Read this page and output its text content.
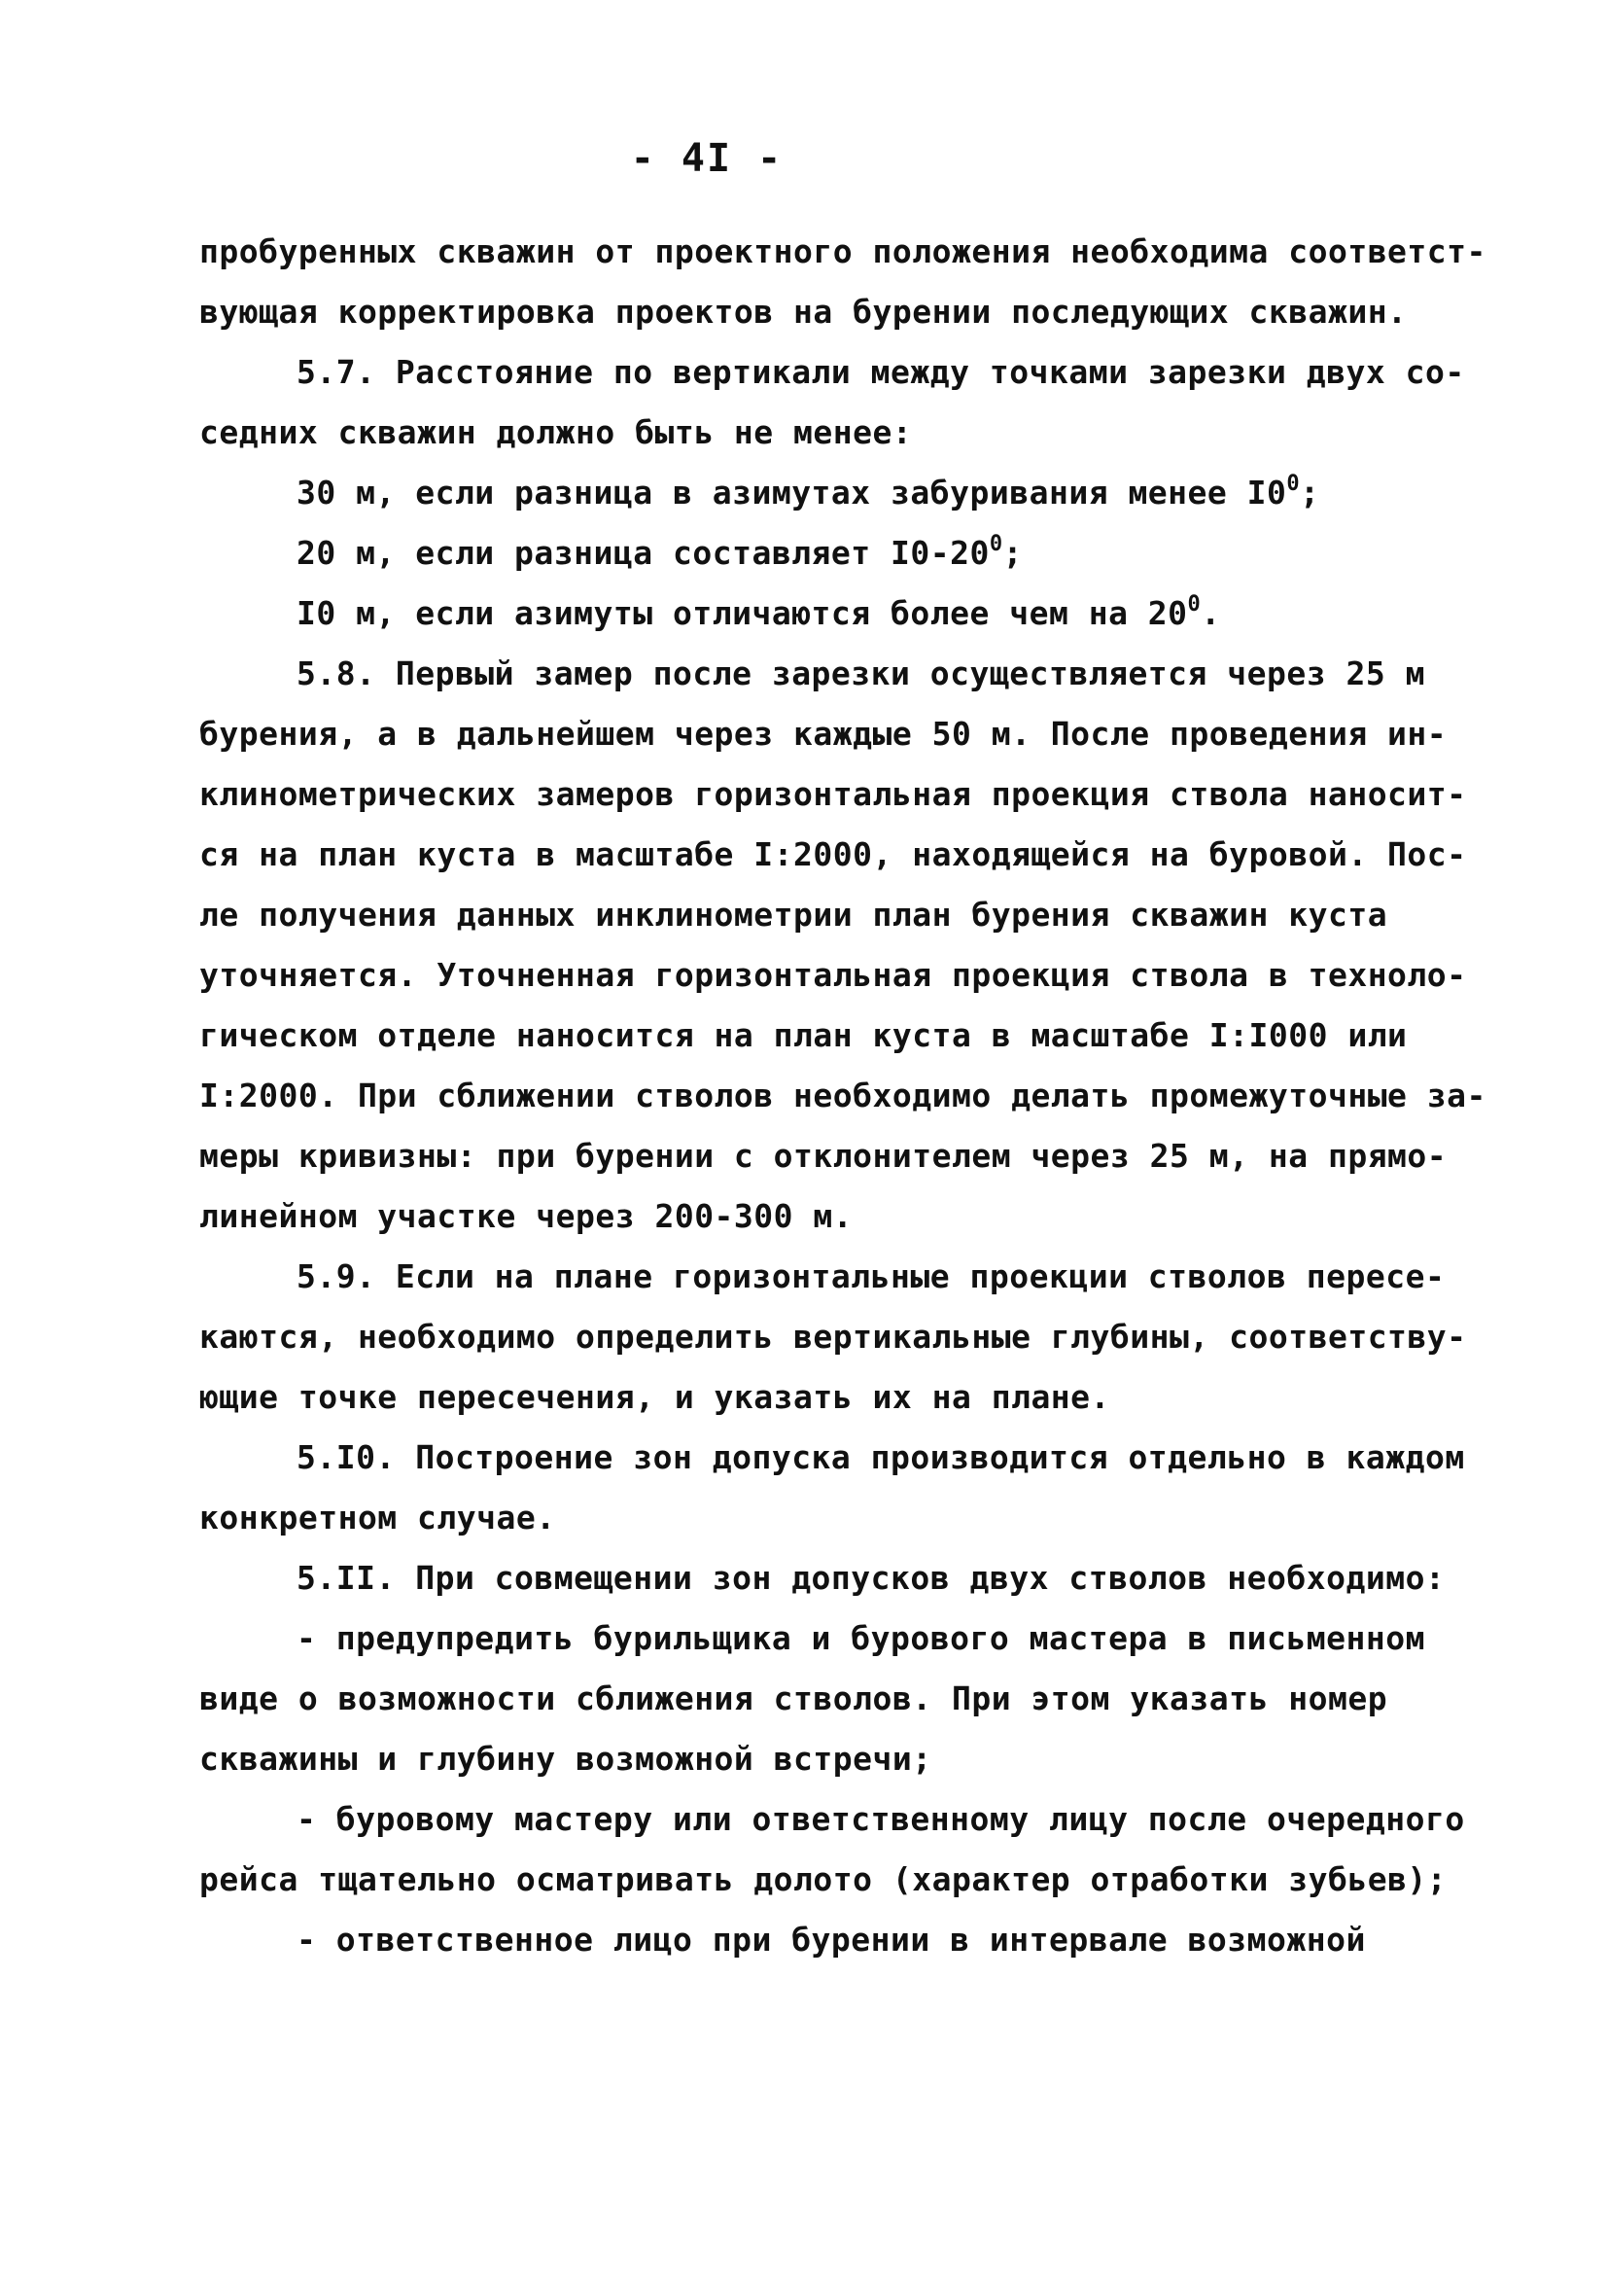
- 4I -
пробуренных скважин от проектного положения необходима соответст-
вующая корректировка проектов на бурении последующих скважин.
5.7. Расстояние по вертикали между точками зарезки двух со-
седних скважин должно быть не менее:
30 м, если разница в азимутах забуривания менее $I0^0$;
20 м, если разница составляет $I0-20^0$;
I0 м, если азимуты отличаются более чем на $20^0$.
5.8. Первый замер после зарезки осуществляется через 25 м
бурения, а в дальнейшем через каждые 50 м. После проведения ин-
клинометрических замеров горизонтальная проекция ствола наносит-
ся на план куста в масштабе I:2000, находящейся на буровой. Пос-
ле получения данных инклинометрии план бурения скважин куста
уточняется. Уточненная горизонтальная проекция ствола в техноло-
гическом отделе наносится на план куста в масштабе I:I000 или
I:2000. При сближении стволов необходимо делать промежуточные за-
меры кривизны: при бурении с отклонителем через 25 м, на прямо-
линейном участке через 200-300 м.
5.9. Если на плане горизонтальные проекции стволов пересе-
каются, необходимо определить вертикальные глубины, соответству-
ющие точке пересечения, и указать их на плане.
5.I0. Построение зон допуска производится отдельно в каждом
конкретном случае.
5.II. При совмещении зон допусков двух стволов необходимо:
- предупредить бурильщика и бурового мастера в письменном
виде о возможности сближения стволов. При этом указать номер
скважины и глубину возможной встречи;
- буровому мастеру или ответственному лицу после очередного
рейса тщательно осматривать долото (характер отработки зубьев);
- ответственное лицо при бурении в интервале возможной
